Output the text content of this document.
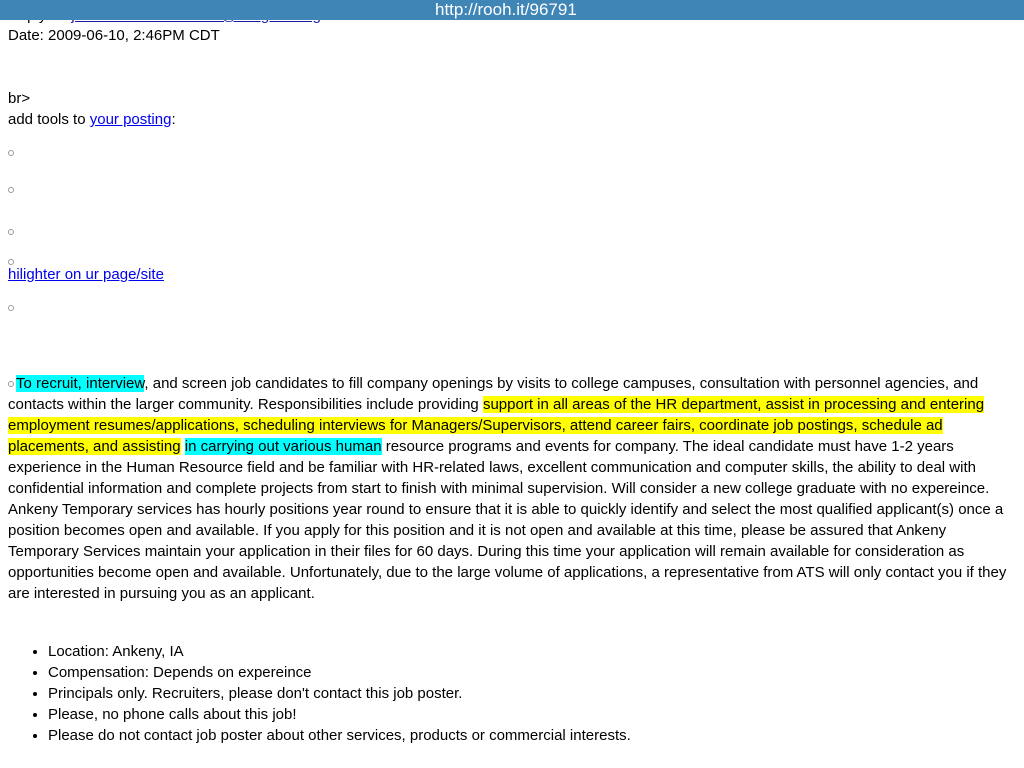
http://rooh.it/96791
Date: 2009-06-10, 2:46PM CDT
br>
add tools to your posting:
hilighter on ur page/site
To recruit, interview, and screen job candidates to fill company openings by visits to college campuses, consultation with personnel agencies, and contacts within the larger community. Responsibilities include providing support in all areas of the HR department, assist in processing and entering employment resumes/applications, scheduling interviews for Managers/Supervisors, attend career fairs, coordinate job postings, schedule ad placements, and assisting in carrying out various human resource programs and events for company. The ideal candidate must have 1-2 years experience in the Human Resource field and be familiar with HR-related laws, excellent communication and computer skills, the ability to deal with confidential information and complete projects from start to finish with minimal supervision. Will consider a new college graduate with no expereince. Ankeny Temporary services has hourly positions year round to ensure that it is able to quickly identify and select the most qualified applicant(s) once a position becomes open and available. If you apply for this position and it is not open and available at this time, please be assured that Ankeny Temporary Services maintain your application in their files for 60 days. During this time your application will remain available for consideration as opportunities become open and available. Unfortunately, due to the large volume of applications, a representative from ATS will only contact you if they are interested in pursuing you as an applicant.
• Location: Ankeny, IA
• Compensation: Depends on expereince
• Principals only. Recruiters, please don't contact this job poster.
• Please, no phone calls about this job!
• Please do not contact job poster about other services, products or commercial interests.
